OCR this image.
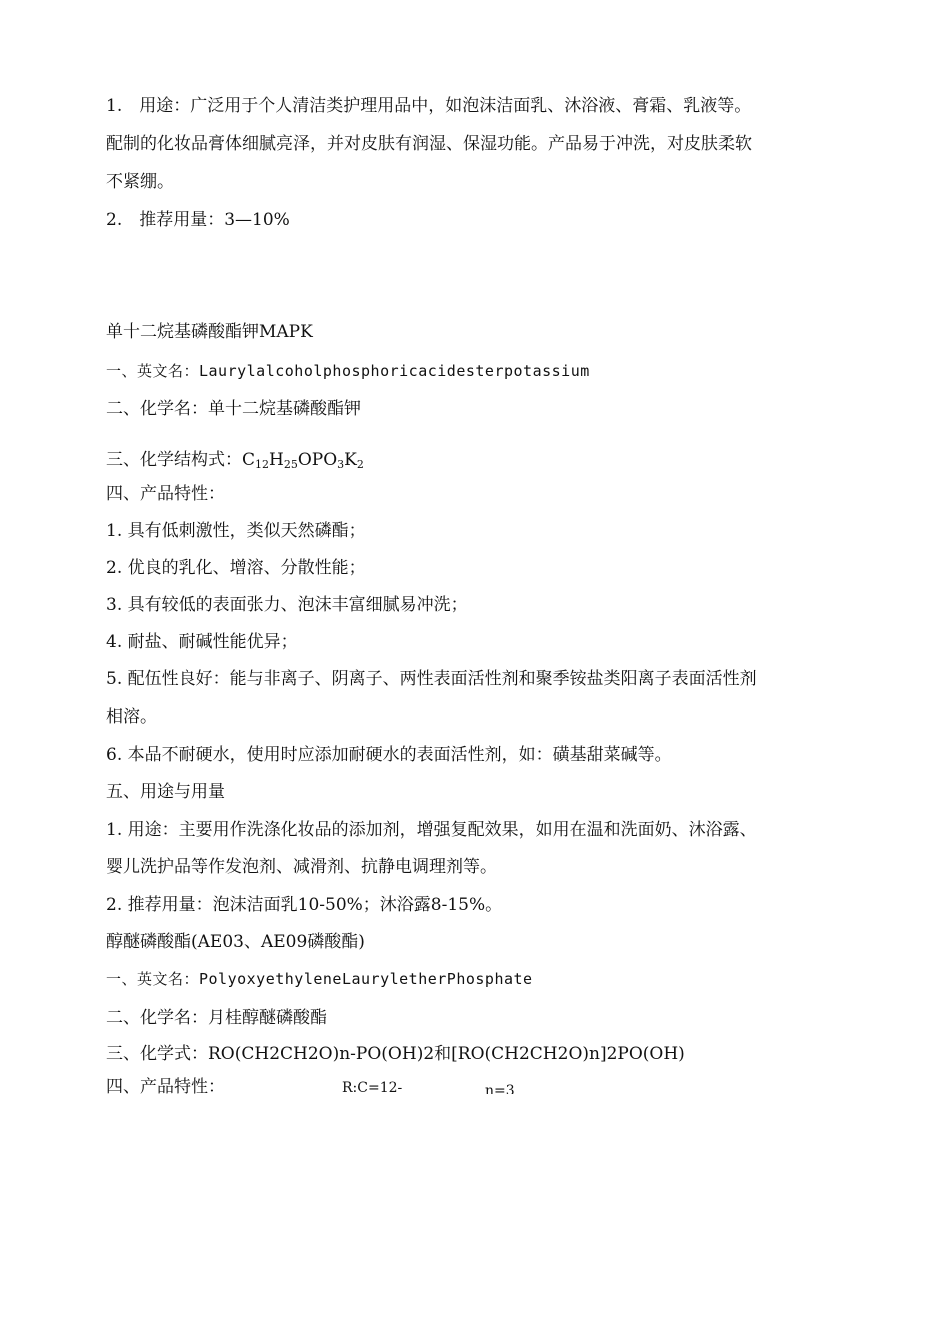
1.　用途：广泛用于个人清洁类护理用品中，如泡沫洁面乳、沐浴液、膏霜、乳液等。
配制的化妆品膏体细腻亮泽，并对皮肤有润湿、保湿功能。产品易于冲洗，对皮肤柔软
不紧绷。
2.　推荐用量：3—10%
单十二烷基磷酸酯钾MAPK
一、英文名：Laurylalcoholphosphoricacidesterpotassium
二、化学名：单十二烷基磷酸酯钾
三、化学结构式：$C_{12}H_{25}OPO_3K_2$
四、产品特性：
1. 具有低刺激性，类似天然磷酯；
2. 优良的乳化、增溶、分散性能；
3. 具有较低的表面张力、泡沫丰富细腻易冲洗；
4. 耐盐、耐碱性能优异；
5. 配伍性良好：能与非离子、阴离子、两性表面活性剂和聚季铵盐类阳离子表面活性剂
相溶。
6. 本品不耐硬水，使用时应添加耐硬水的表面活性剂，如：磺基甜菜碱等。
五、用途与用量
1. 用途：主要用作洗涤化妆品的添加剂，增强复配效果，如用在温和洗面奶、沐浴露、
婴儿洗护品等作发泡剂、减滑剂、抗静电调理剂等。
2. 推荐用量：泡沫洁面乳10-50%；沐浴露8-15%。
醇醚磷酸酯(AE03、AE09磷酸酯)
一、英文名：PolyoxyethyleneLauryletherPhosphate
二、化学名：月桂醇醚磷酸酯
三、化学式：RO(CH2CH2O)n-PO(OH)2和[RO(CH2CH2O)n]2PO(OH)
四、产品特性：	R:C=12-	n=3
